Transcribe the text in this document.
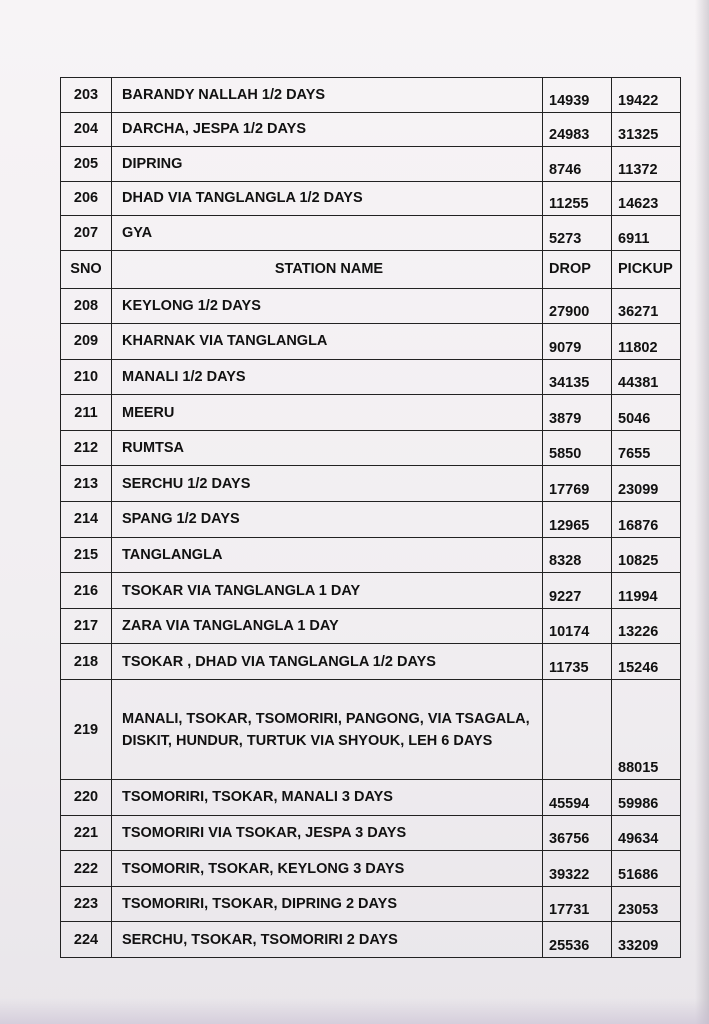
203	BARANDY NALLAH 1/2 DAYS	14939	19422
204	DARCHA, JESPA 1/2 DAYS	24983	31325
205	DIPRING	8746	11372
206	DHAD VIA TANGLANGLA 1/2 DAYS	11255	14623
207	GYA	5273	6911
SNO	STATION NAME	DROP	PICKUP
208	KEYLONG 1/2 DAYS	27900	36271
209	KHARNAK VIA TANGLANGLA	9079	11802
210	MANALI 1/2 DAYS	34135	44381
211	MEERU	3879	5046
212	RUMTSA	5850	7655
213	SERCHU 1/2 DAYS	17769	23099
214	SPANG 1/2 DAYS	12965	16876
215	TANGLANGLA	8328	10825
216	TSOKAR VIA TANGLANGLA 1 DAY	9227	11994
217	ZARA VIA TANGLANGLA 1 DAY	10174	13226
218	TSOKAR , DHAD VIA TANGLANGLA 1/2 DAYS	11735	15246
219	MANALI, TSOKAR, TSOMORIRI, PANGONG, VIA TSAGALA, DISKIT, HUNDUR, TURTUK VIA SHYOUK, LEH 6 DAYS		88015
220	TSOMORIRI, TSOKAR, MANALI 3 DAYS	45594	59986
221	TSOMORIRI VIA TSOKAR, JESPA 3 DAYS	36756	49634
222	TSOMORIR, TSOKAR, KEYLONG 3 DAYS	39322	51686
223	TSOMORIRI, TSOKAR, DIPRING 2 DAYS	17731	23053
224	SERCHU, TSOKAR, TSOMORIRI 2 DAYS	25536	33209
